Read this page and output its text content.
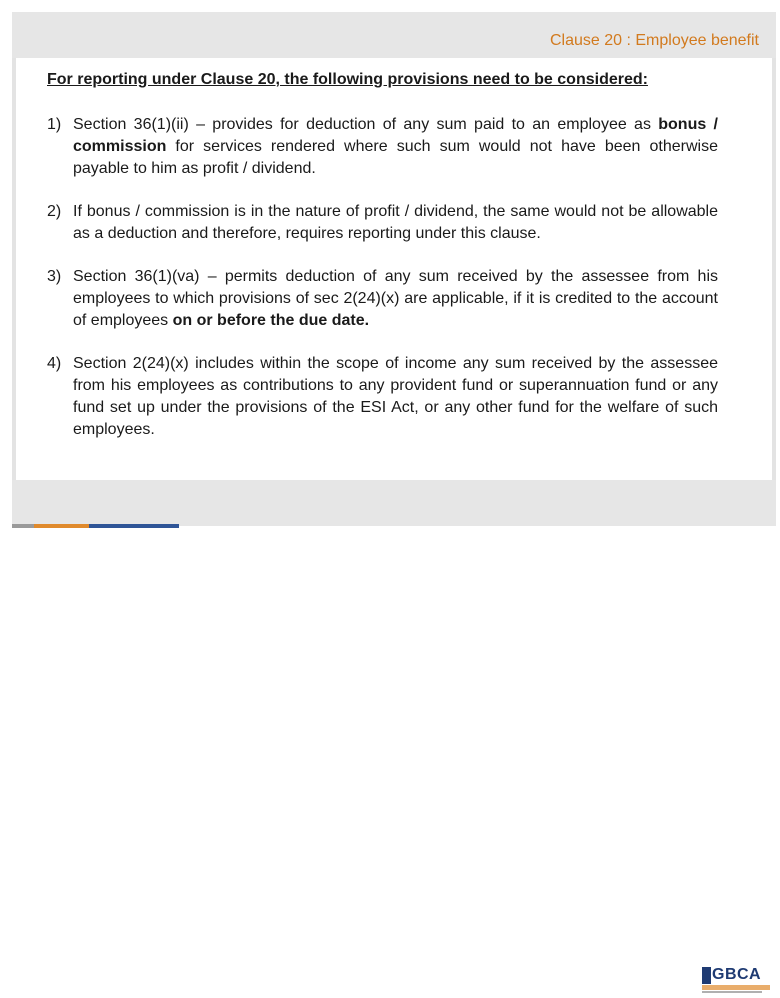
Clause 20 : Employee benefit
For reporting under Clause 20, the following provisions need to be considered:
1) Section 36(1)(ii) – provides for deduction of any sum paid to an employee as bonus / commission for services rendered where such sum would not have been otherwise payable to him as profit / dividend.
2) If bonus / commission is in the nature of profit / dividend, the same would not be allowable as a deduction and therefore, requires reporting under this clause.
3) Section 36(1)(va) – permits deduction of any sum received by the assessee from his employees to which provisions of sec 2(24)(x) are applicable, if it is credited to the account of employees on or before the due date.
4) Section 2(24)(x) includes within the scope of income any sum received by the assessee from his employees as contributions to any provident fund or superannuation fund or any fund set up under the provisions of the ESI Act, or any other fund for the welfare of such employees.
GBCA
